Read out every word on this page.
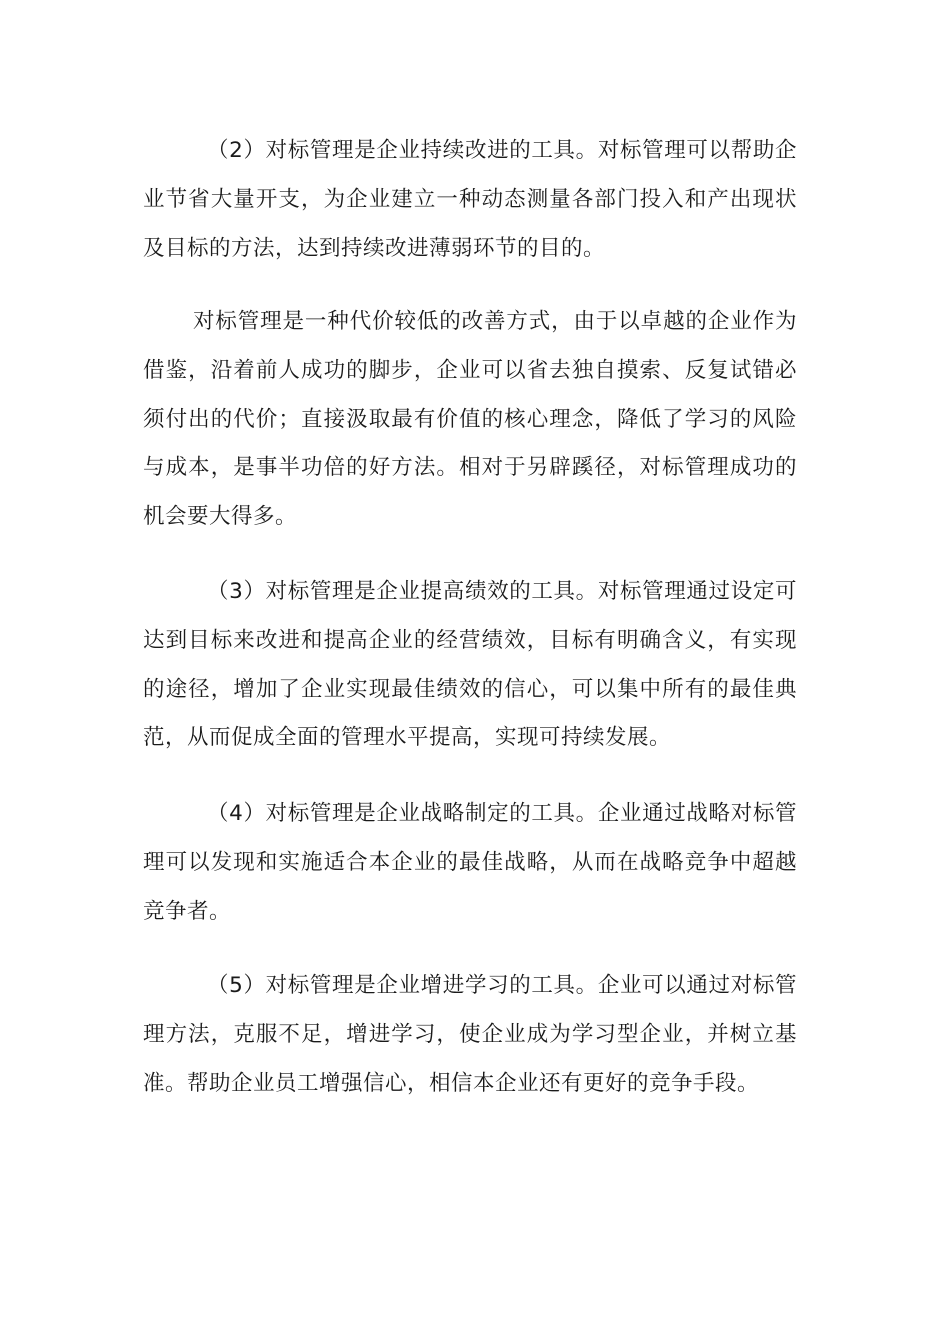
（2）对标管理是企业持续改进的工具。对标管理可以帮助企业节省大量开支，为企业建立一种动态测量各部门投入和产出现状及目标的方法，达到持续改进薄弱环节的目的。

对标管理是一种代价较低的改善方式，由于以卓越的企业作为借鉴，沿着前人成功的脚步，企业可以省去独自摸索、反复试错必须付出的代价；直接汲取最有价值的核心理念，降低了学习的风险与成本，是事半功倍的好方法。相对于另辟蹊径，对标管理成功的机会要大得多。

（3）对标管理是企业提高绩效的工具。对标管理通过设定可达到目标来改进和提高企业的经营绩效，目标有明确含义，有实现的途径，增加了企业实现最佳绩效的信心，可以集中所有的最佳典范，从而促成全面的管理水平提高，实现可持续发展。

（4）对标管理是企业战略制定的工具。企业通过战略对标管理可以发现和实施适合本企业的最佳战略，从而在战略竞争中超越竞争者。

（5）对标管理是企业增进学习的工具。企业可以通过对标管理方法，克服不足，增进学习，使企业成为学习型企业，并树立基准。帮助企业员工增强信心，相信本企业还有更好的竞争手段。
